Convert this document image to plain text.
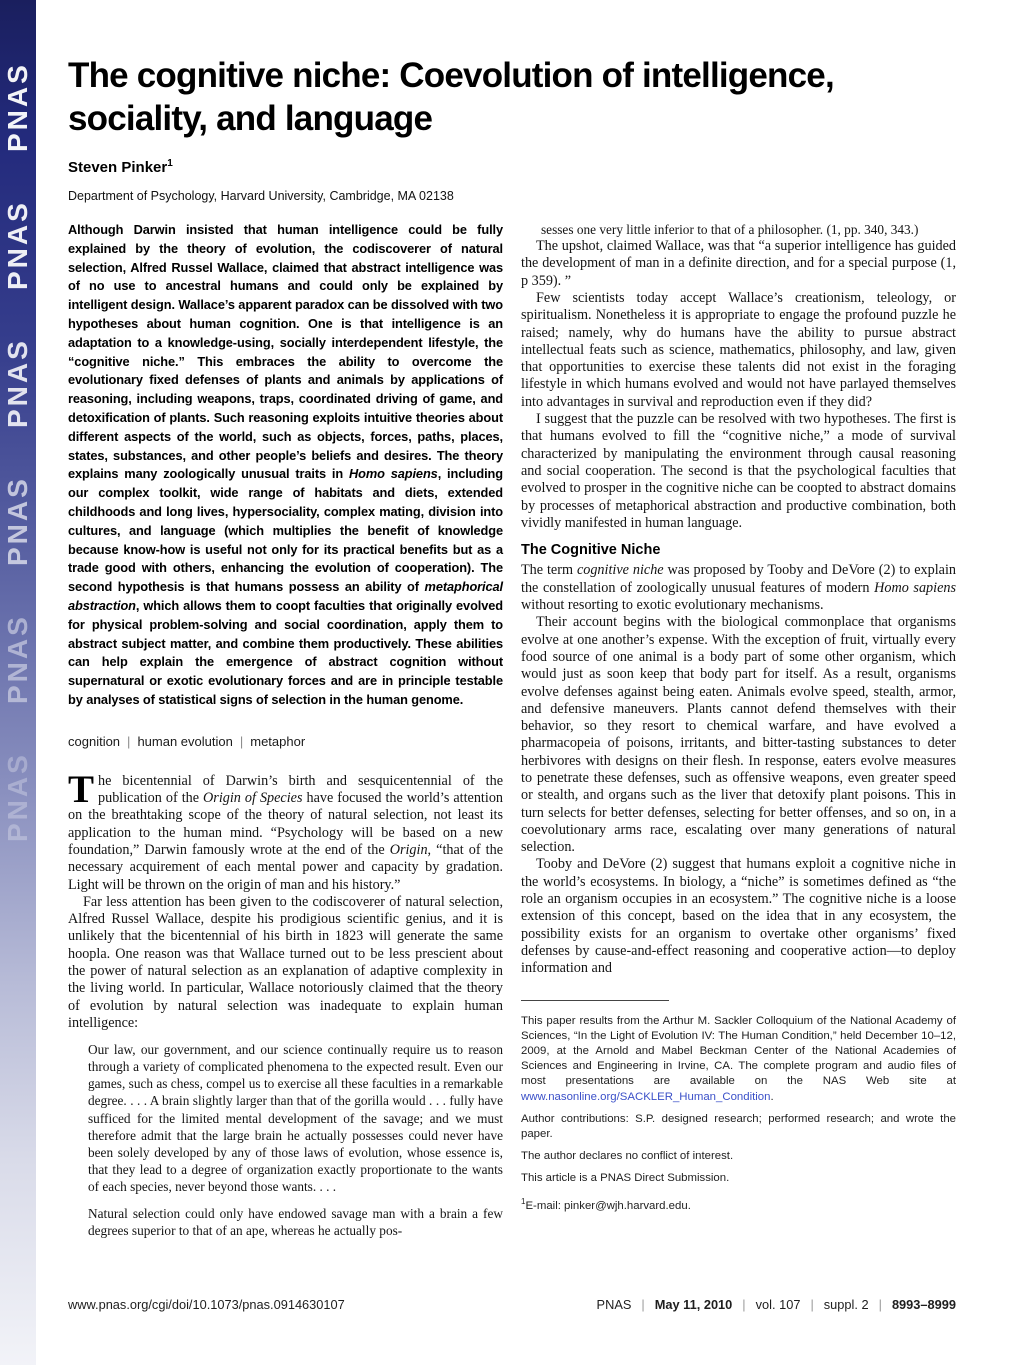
PNAS
PNAS
PNAS
PNAS
PNAS
PNAS
The cognitive niche: Coevolution of intelligence, sociality, and language
Steven Pinker$^1$
Department of Psychology, Harvard University, Cambridge, MA 02138

Although Darwin insisted that human intelligence could be fully explained by the theory of evolution, the codiscoverer of natural selection, Alfred Russel Wallace, claimed that abstract intelligence was of no use to ancestral humans and could only be explained by intelligent design. Wallace’s apparent paradox can be dissolved with two hypotheses about human cognition. One is that intelligence is an adaptation to a knowledge-using, socially interdependent lifestyle, the “cognitive niche.” This embraces the ability to overcome the evolutionary fixed defenses of plants and animals by applications of reasoning, including weapons, traps, coordinated driving of game, and detoxification of plants. Such reasoning exploits intuitive theories about different aspects of the world, such as objects, forces, paths, places, states, substances, and other people’s beliefs and desires. The theory explains many zoologically unusual traits in Homo sapiens, including our complex toolkit, wide range of habitats and diets, extended childhoods and long lives, hypersociality, complex mating, division into cultures, and language (which multiplies the benefit of knowledge because know-how is useful not only for its practical benefits but as a trade good with others, enhancing the evolution of cooperation). The second hypothesis is that humans possess an ability of metaphorical abstraction, which allows them to coopt faculties that originally evolved for physical problem-solving and social coordination, apply them to abstract subject matter, and combine them productively. These abilities can help explain the emergence of abstract cognition without supernatural or exotic evolutionary forces and are in principle testable by analyses of statistical signs of selection in the human genome.

cognition | human evolution | metaphor

The bicentennial of Darwin’s birth and sesquicentennial of the publication of the Origin of Species have focused the world’s attention on the breathtaking scope of the theory of natural selection, not least its application to the human mind. “Psychology will be based on a new foundation,” Darwin famously wrote at the end of the Origin, “that of the necessary acquirement of each mental power and capacity by gradation. Light will be thrown on the origin of man and his history.”

Far less attention has been given to the codiscoverer of natural selection, Alfred Russel Wallace, despite his prodigious scientific genius, and it is unlikely that the bicentennial of his birth in 1823 will generate the same hoopla. One reason was that Wallace turned out to be less prescient about the power of natural selection as an explanation of adaptive complexity in the living world. In particular, Wallace notoriously claimed that the theory of evolution by natural selection was inadequate to explain human intelligence:

Our law, our government, and our science continually require us to reason through a variety of complicated phenomena to the expected result. Even our games, such as chess, compel us to exercise all these faculties in a remarkable degree. . . . A brain slightly larger than that of the gorilla would . . . fully have sufficed for the limited mental development of the savage; and we must therefore admit that the large brain he actually possesses could never have been solely developed by any of those laws of evolution, whose essence is, that they lead to a degree of organization exactly proportionate to the wants of each species, never beyond those wants. . . .

Natural selection could only have endowed savage man with a brain a few degrees superior to that of an ape, whereas he actually pos-

sesses one very little inferior to that of a philosopher. (1, pp. 340, 343.)

The upshot, claimed Wallace, was that “a superior intelligence has guided the development of man in a definite direction, and for a special purpose (1, p 359). ”

Few scientists today accept Wallace’s creationism, teleology, or spiritualism. Nonetheless it is appropriate to engage the profound puzzle he raised; namely, why do humans have the ability to pursue abstract intellectual feats such as science, mathematics, philosophy, and law, given that opportunities to exercise these talents did not exist in the foraging lifestyle in which humans evolved and would not have parlayed themselves into advantages in survival and reproduction even if they did?

I suggest that the puzzle can be resolved with two hypotheses. The first is that humans evolved to fill the “cognitive niche,” a mode of survival characterized by manipulating the environment through causal reasoning and social cooperation. The second is that the psychological faculties that evolved to prosper in the cognitive niche can be coopted to abstract domains by processes of metaphorical abstraction and productive combination, both vividly manifested in human language.

The Cognitive Niche

The term cognitive niche was proposed by Tooby and DeVore (2) to explain the constellation of zoologically unusual features of modern Homo sapiens without resorting to exotic evolutionary mechanisms.

Their account begins with the biological commonplace that organisms evolve at one another’s expense. With the exception of fruit, virtually every food source of one animal is a body part of some other organism, which would just as soon keep that body part for itself. As a result, organisms evolve defenses against being eaten. Animals evolve speed, stealth, armor, and defensive maneuvers. Plants cannot defend themselves with their behavior, so they resort to chemical warfare, and have evolved a pharmacopeia of poisons, irritants, and bitter-tasting substances to deter herbivores with designs on their flesh. In response, eaters evolve measures to penetrate these defenses, such as offensive weapons, even greater speed or stealth, and organs such as the liver that detoxify plant poisons. This in turn selects for better defenses, selecting for better offenses, and so on, in a coevolutionary arms race, escalating over many generations of natural selection.

Tooby and DeVore (2) suggest that humans exploit a cognitive niche in the world’s ecosystems. In biology, a “niche” is sometimes defined as “the role an organism occupies in an ecosystem.” The cognitive niche is a loose extension of this concept, based on the idea that in any ecosystem, the possibility exists for an organism to overtake other organisms’ fixed defenses by cause-and-effect reasoning and cooperative action—to deploy information and

This paper results from the Arthur M. Sackler Colloquium of the National Academy of Sciences, “In the Light of Evolution IV: The Human Condition,” held December 10–12, 2009, at the Arnold and Mabel Beckman Center of the National Academies of Sciences and Engineering in Irvine, CA. The complete program and audio files of most presentations are available on the NAS Web site at www.nasonline.org/SACKLER_Human_Condition.

Author contributions: S.P. designed research; performed research; and wrote the paper.

The author declares no conflict of interest.

This article is a PNAS Direct Submission.

$^1$E-mail: pinker@wjh.harvard.edu.

www.pnas.org/cgi/doi/10.1073/pnas.0914630107	PNAS | May 11, 2010 | vol. 107 | suppl. 2 | 8993–8999
